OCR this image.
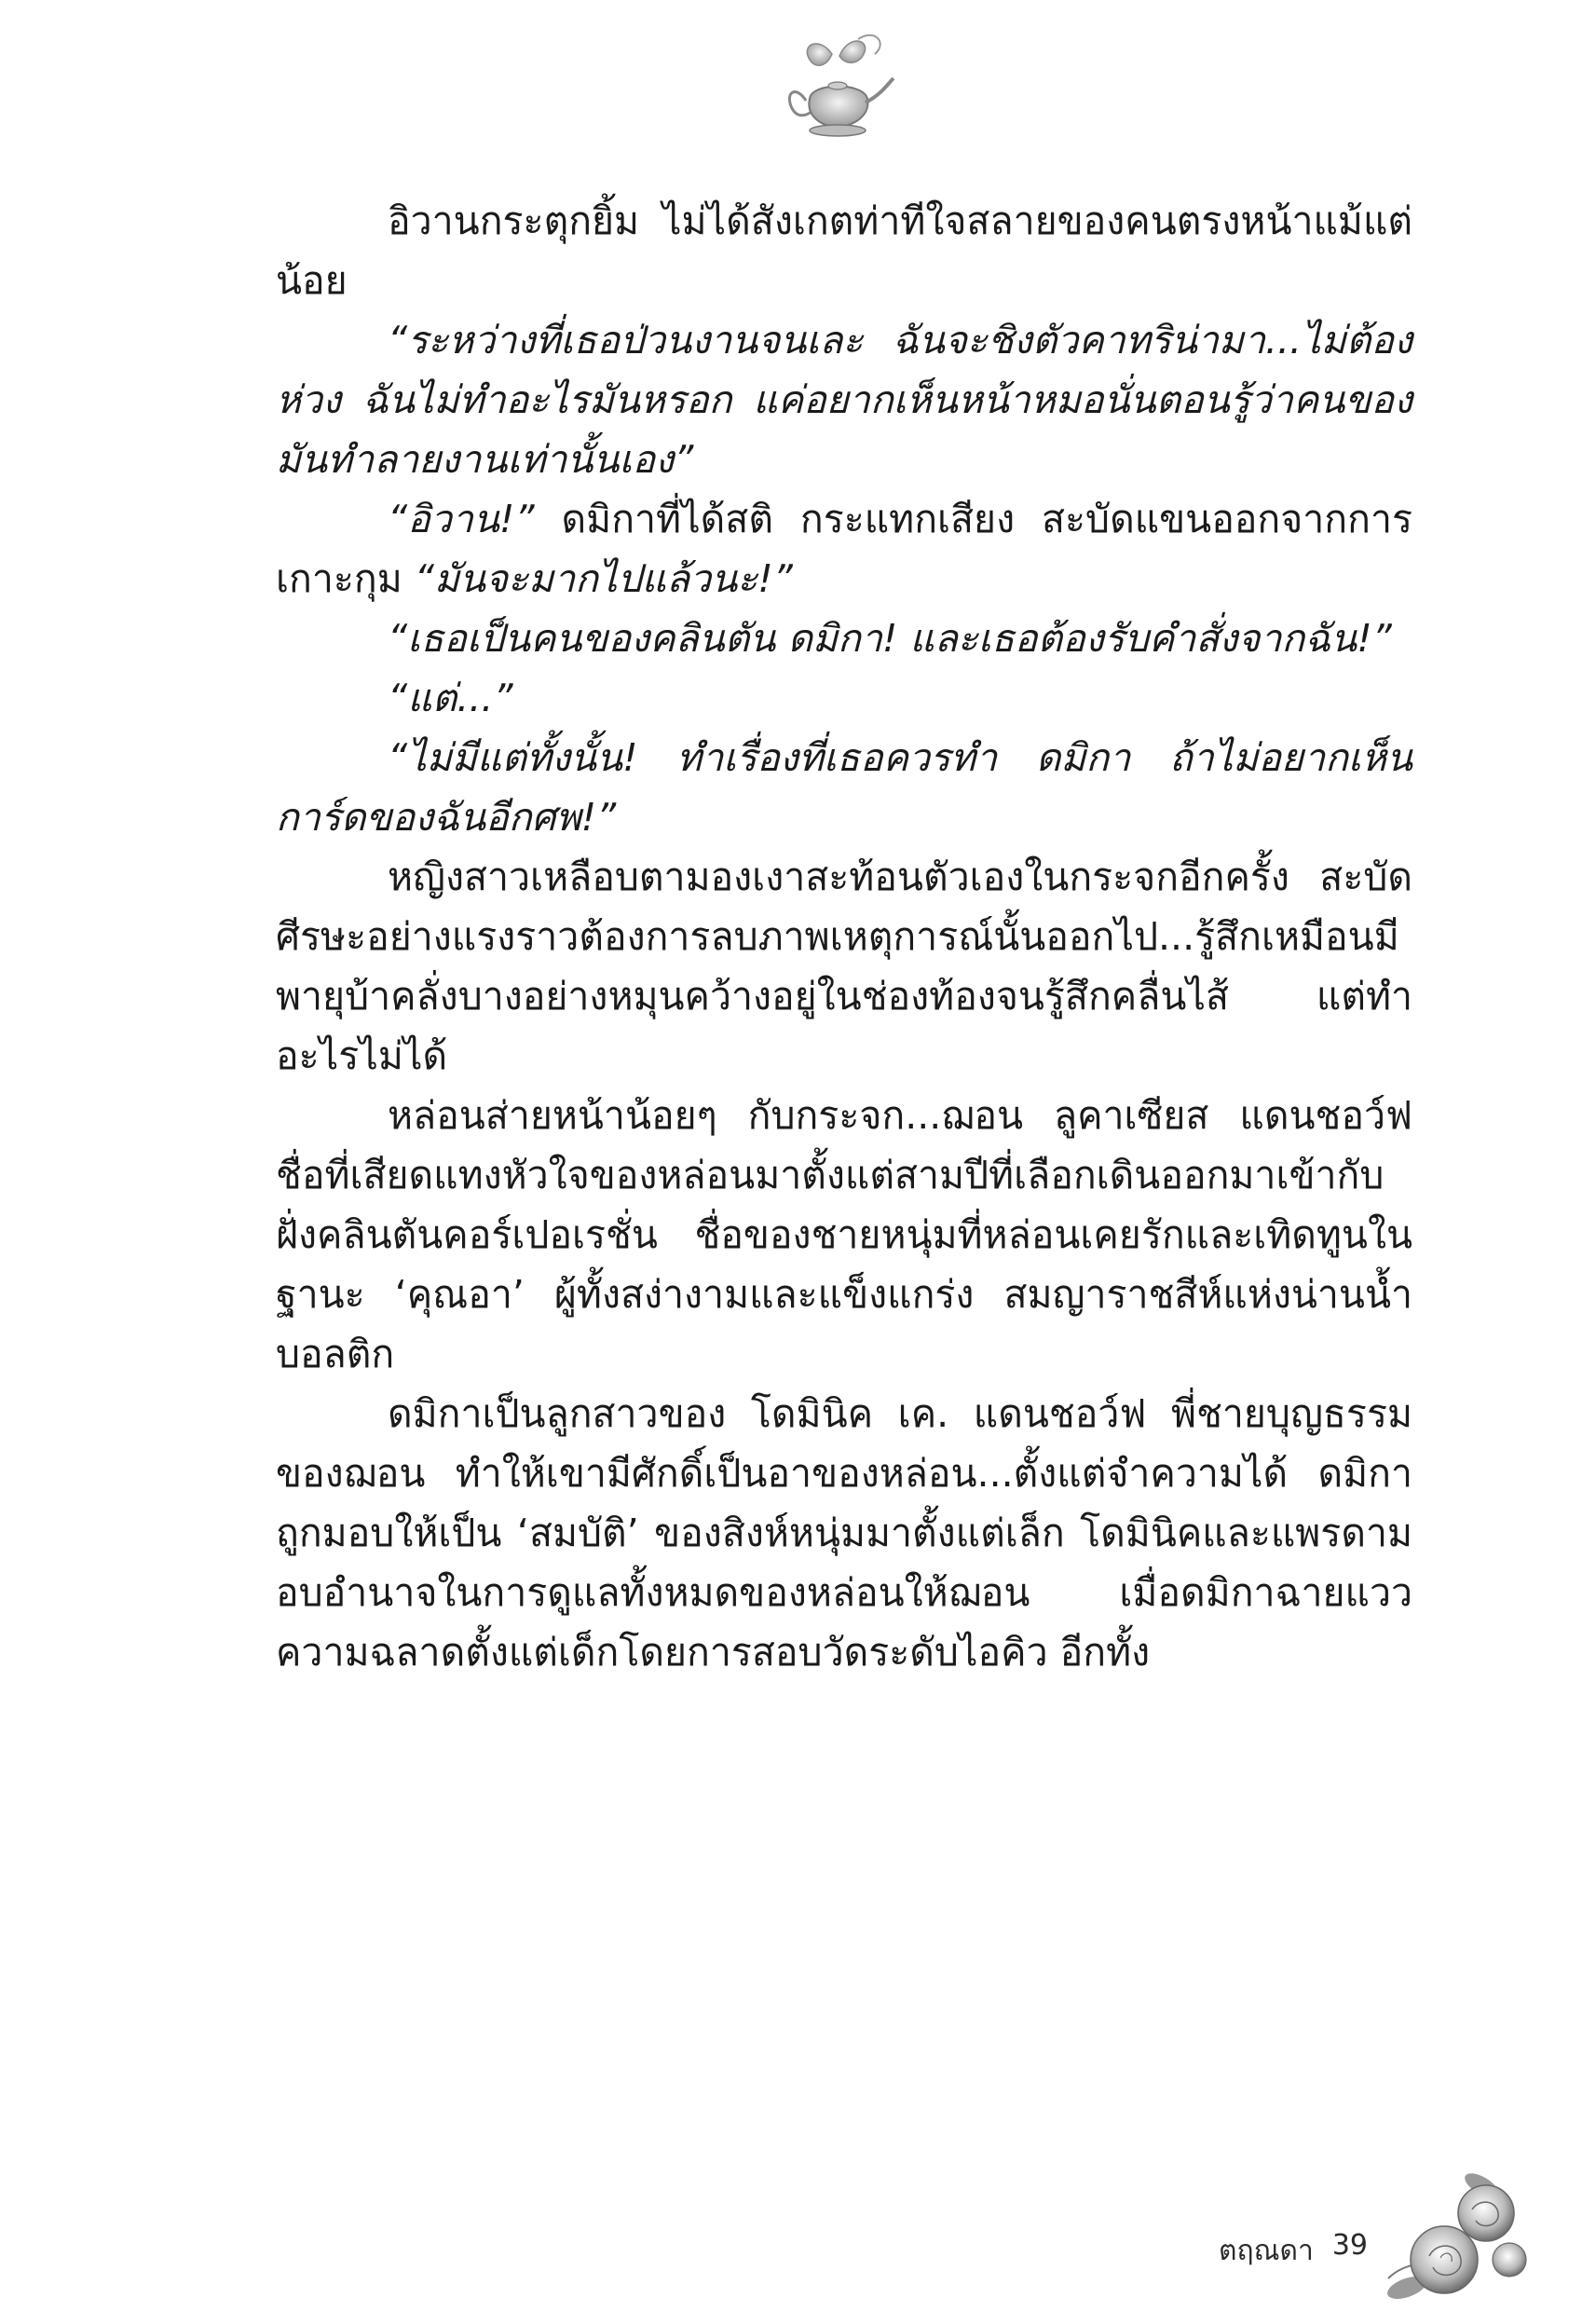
อิวานกระตุกยิ้ม ไม่ได้สังเกตท่าทีใจสลายของคนตรงหน้าแม้แต่น้อย

“ระหว่างที่เธอป่วนงานจนเละ ฉันจะชิงตัวคาทริน่ามา...ไม่ต้องห่วง ฉันไม่ทำอะไรมันหรอก แค่อยากเห็นหน้าหมอนั่นตอนรู้ว่าคนของมันทำลายงานเท่านั้นเอง”

“อิวาน!” ดมิกาที่ได้สติ กระแทกเสียง สะบัดแขนออกจากการเกาะกุม “มันจะมากไปแล้วนะ!”

“เธอเป็นคนของคลินตัน ดมิกา! และเธอต้องรับคำสั่งจากฉัน!”

“แต่...”

“ไม่มีแต่ทั้งนั้น! ทำเรื่องที่เธอควรทำ ดมิกา ถ้าไม่อยากเห็นการ์ดของฉันอีกศพ!”

หญิงสาวเหลือบตามองเงาสะท้อนตัวเองในกระจกอีกครั้ง สะบัดศีรษะอย่างแรงราวต้องการลบภาพเหตุการณ์นั้นออกไป...รู้สึกเหมือนมีพายุบ้าคลั่งบางอย่างหมุนคว้างอยู่ในช่องท้องจนรู้สึกคลื่นไส้ แต่ทำอะไรไม่ได้

หล่อนส่ายหน้าน้อยๆ กับกระจก...ฌอน ลูคาเซียส แดนชอว์ฟ ชื่อที่เสียดแทงหัวใจของหล่อนมาตั้งแต่สามปีที่เลือกเดินออกมาเข้ากับฝั่งคลินตันคอร์เปอเรชั่น ชื่อของชายหนุ่มที่หล่อนเคยรักและเทิดทูนในฐานะ ‘คุณอา’ ผู้ทั้งสง่างามและแข็งแกร่ง สมญาราชสีห์แห่งน่านน้ำบอลติก

ดมิกาเป็นลูกสาวของ โดมินิค เค. แดนชอว์ฟ พี่ชายบุญธรรมของฌอน ทำให้เขามีศักดิ์เป็นอาของหล่อน...ตั้งแต่จำความได้ ดมิกาถูกมอบให้เป็น ‘สมบัติ’ ของสิงห์หนุ่มมาตั้งแต่เล็ก โดมินิคและแพรดามอบอำนาจในการดูแลทั้งหมดของหล่อนให้ฌอน เมื่อดมิกาฉายแววความฉลาดตั้งแต่เด็กโดยการสอบวัดระดับไอคิว อีกทั้ง

ตฤณดา 39
